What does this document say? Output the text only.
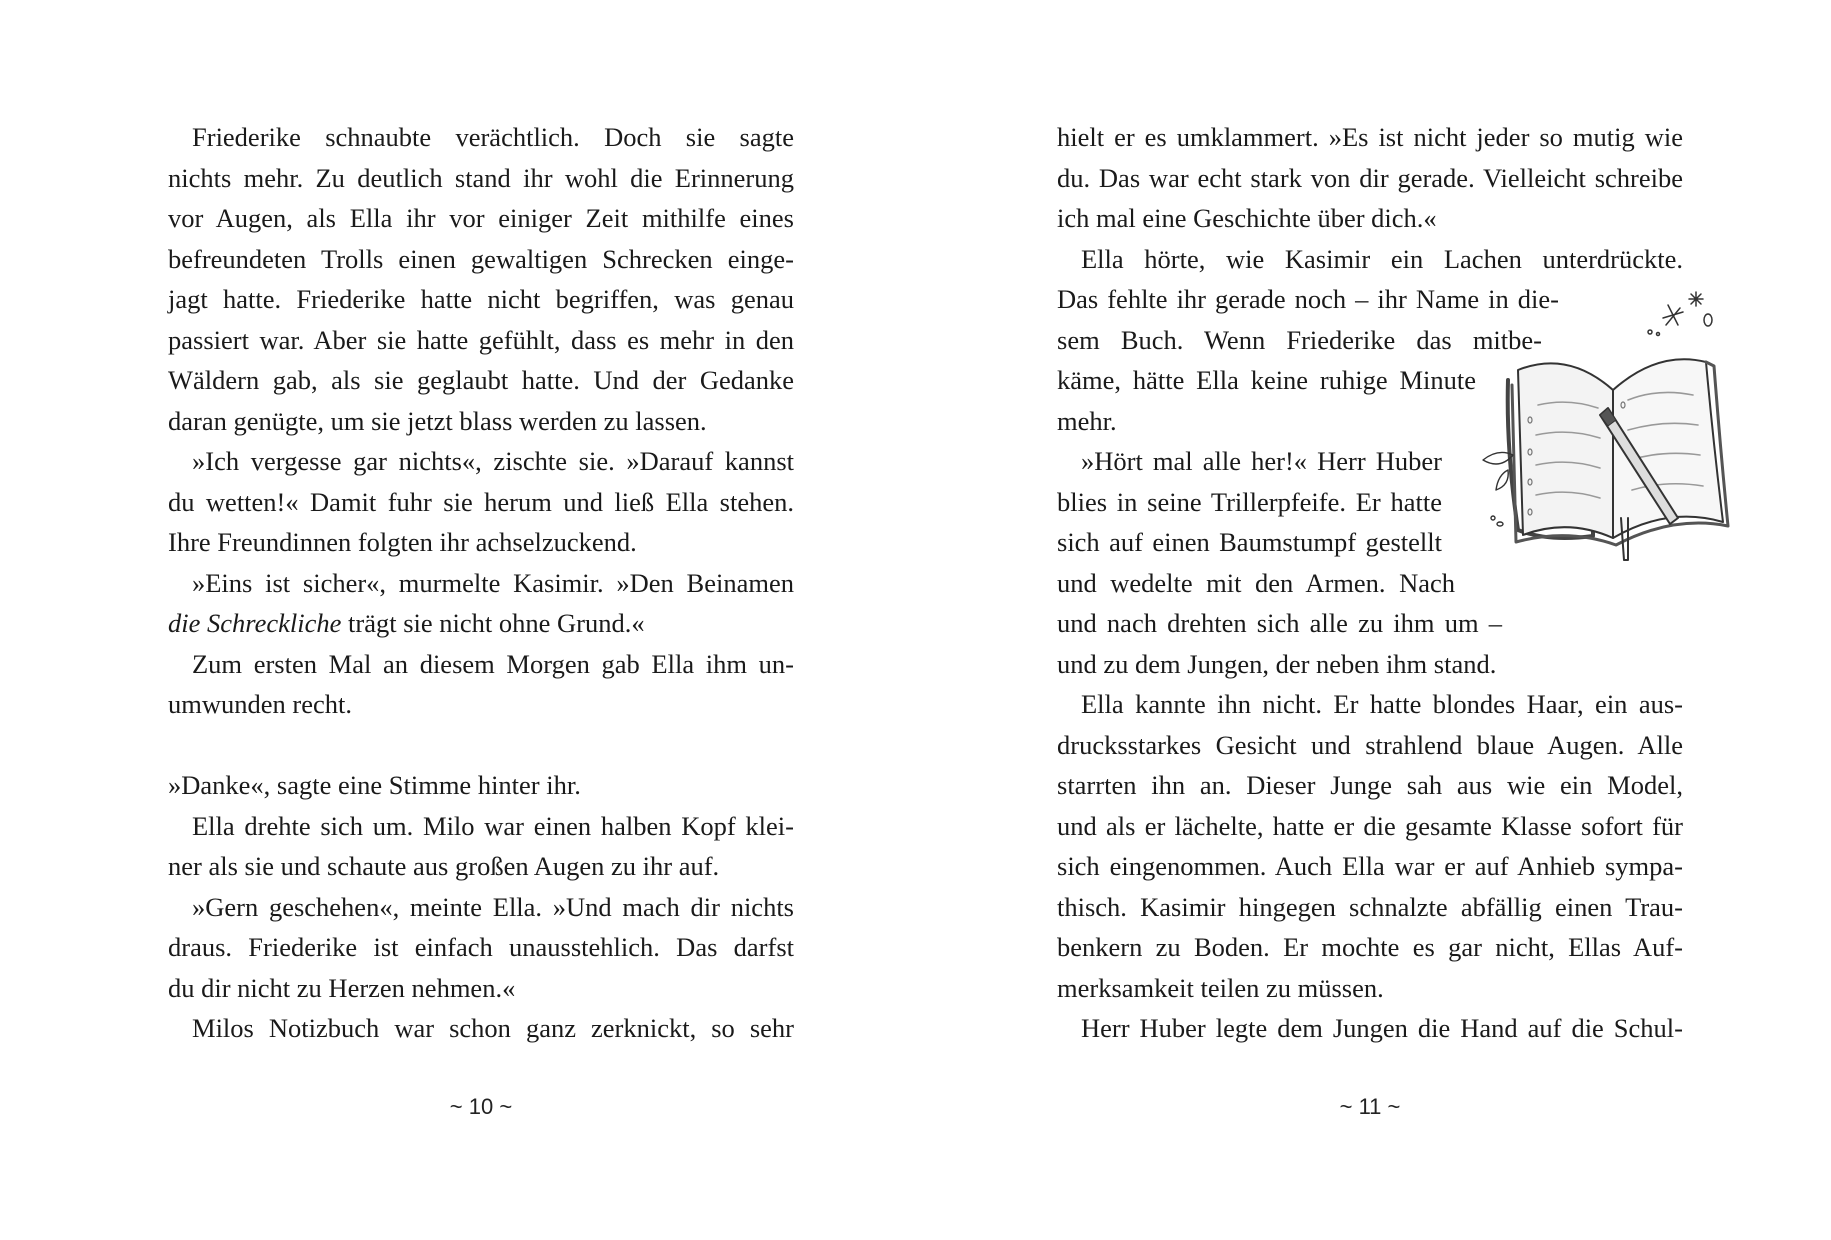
Friederike schnaubte verächtlich. Doch sie sagte
nichts mehr. Zu deutlich stand ihr wohl die Erinnerung
vor Augen, als Ella ihr vor einiger Zeit mithilfe eines
befreundeten Trolls einen gewaltigen Schrecken einge-
jagt hatte. Friederike hatte nicht begriffen, was genau
passiert war. Aber sie hatte gefühlt, dass es mehr in den
Wäldern gab, als sie geglaubt hatte. Und der Gedanke
daran genügte, um sie jetzt blass werden zu lassen.
»Ich vergesse gar nichts«, zischte sie. »Darauf kannst
du wetten!« Damit fuhr sie herum und ließ Ella stehen.
Ihre Freundinnen folgten ihr achselzuckend.
»Eins ist sicher«, murmelte Kasimir. »Den Beinamen
die Schreckliche trägt sie nicht ohne Grund.«
Zum ersten Mal an diesem Morgen gab Ella ihm un-
umwunden recht.
»Danke«, sagte eine Stimme hinter ihr.
Ella drehte sich um. Milo war einen halben Kopf klei-
ner als sie und schaute aus großen Augen zu ihr auf.
»Gern geschehen«, meinte Ella. »Und mach dir nichts
draus. Friederike ist einfach unausstehlich. Das darfst
du dir nicht zu Herzen nehmen.«
Milos Notizbuch war schon ganz zerknickt, so sehr
hielt er es umklammert. »Es ist nicht jeder so mutig wie
du. Das war echt stark von dir gerade. Vielleicht schreibe
ich mal eine Geschichte über dich.«
Ella hörte, wie Kasimir ein Lachen unterdrückte.
Das fehlte ihr gerade noch – ihr Name in die-
sem Buch. Wenn Friederike das mitbe-
käme, hätte Ella keine ruhige Minute
mehr.
»Hört mal alle her!« Herr Huber
blies in seine Trillerpfeife. Er hatte
sich auf einen Baumstumpf gestellt
und wedelte mit den Armen. Nach
und nach drehten sich alle zu ihm um –
und zu dem Jungen, der neben ihm stand.
Ella kannte ihn nicht. Er hatte blondes Haar, ein aus-
drucksstarkes Gesicht und strahlend blaue Augen. Alle
starrten ihn an. Dieser Junge sah aus wie ein Model,
und als er lächelte, hatte er die gesamte Klasse sofort für
sich eingenommen. Auch Ella war er auf Anhieb sympa-
thisch. Kasimir hingegen schnalzte abfällig einen Trau-
benkern zu Boden. Er mochte es gar nicht, Ellas Auf-
merksamkeit teilen zu müssen.
Herr Huber legte dem Jungen die Hand auf die Schul-
~ 10 ~	~ 11 ~
